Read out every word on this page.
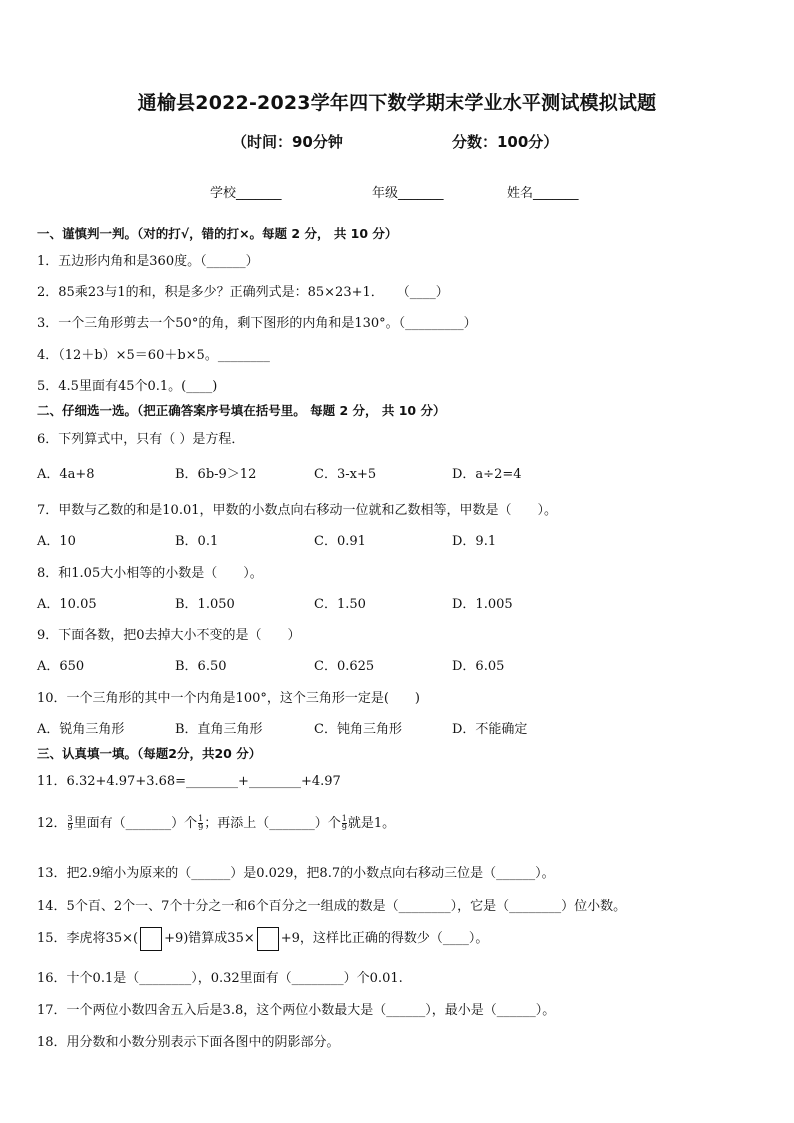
通榆县2022-2023学年四下数学期末学业水平测试模拟试题
（时间：90分钟	分数：100分）
学校_______	年级_______	姓名_______
一、谨慎判一判。（对的打√，错的打×。每题 2 分， 共 10 分）
1．五边形内角和是360度。（______）
2．85乘23与1的和，积是多少？正确列式是：85×23+1．　　（____）
3．一个三角形剪去一个50°的角，剩下图形的内角和是130°。（_________）
4．（12＋b）×5＝60＋b×5。________
5．4.5里面有45个0.1。(____)
二、仔细选一选。（把正确答案序号填在括号里。 每题 2 分， 共 10 分）
6．下列算式中，只有（ ）是方程．
A．4a+8	B．6b-9＞12	C．3-x+5	D．a÷2=4
7．甲数与乙数的和是10.01，甲数的小数点向右移动一位就和乙数相等，甲数是（　　）。
A．10	B．0.1	C．0.91	D．9.1
8．和1.05大小相等的小数是（　　）。
A．10.05	B．1.050	C．1.50	D．1.005
9．下面各数，把0去掉大小不变的是（　　）
A．650	B．6.50	C．0.625	D．6.05
10．一个三角形的其中一个内角是100°，这个三角形一定是(　　)
A．锐角三角形	B．直角三角形	C．钝角三角形	D．不能确定
三、认真填一填。（每题2分，共20 分）
11．6.32+4.97+3.68=________+________+4.97
12． $\frac{3}{9}$ 里面有（_______）个 $\frac{1}{9}$ ；再添上（_______）个 $\frac{1}{9}$ 就是1。
13．把2.9缩小为原来的（______）是0.029，把8.7的小数点向右移动三位是（______）。
14．5个百、2个一、7个十分之一和6个百分之一组成的数是（________），它是（________）位小数。
15．李虎将35×( +9)错算成35× +9，这样比正确的得数少（____）。
16．十个0.1是（________），0.32里面有（________）个0.01.
17．一个两位小数四舍五入后是3.8，这个两位小数最大是（______），最小是（______）。
18．用分数和小数分别表示下面各图中的阴影部分。
